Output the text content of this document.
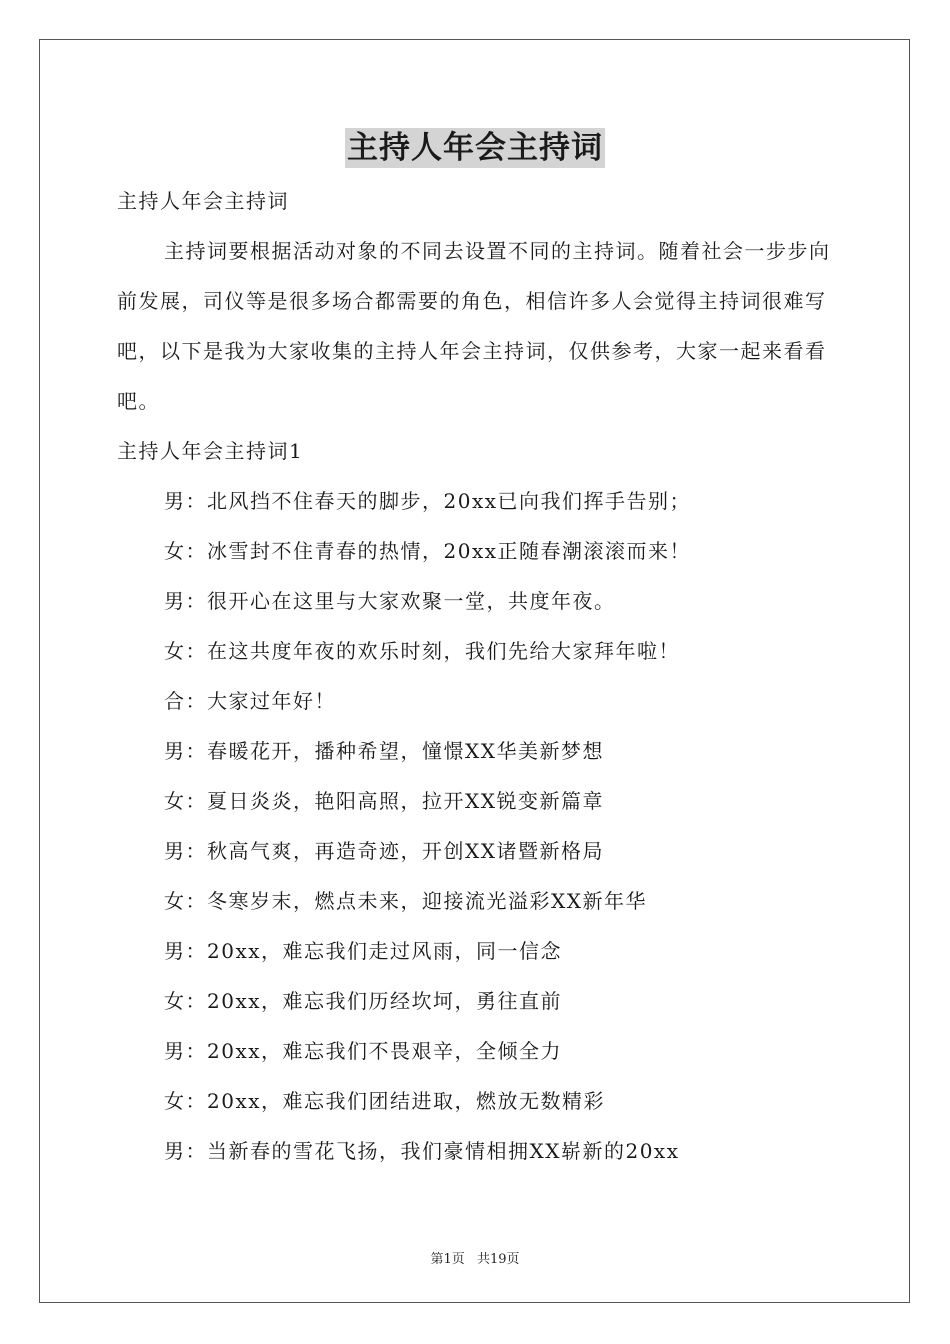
主持人年会主持词

主持人年会主持词

主持词要根据活动对象的不同去设置不同的主持词。随着社会一步步向前发展，司仪等是很多场合都需要的角色，相信许多人会觉得主持词很难写吧，以下是我为大家收集的主持人年会主持词，仅供参考，大家一起来看看吧。

主持人年会主持词1

男：北风挡不住春天的脚步，20xx已向我们挥手告别；

女：冰雪封不住青春的热情，20xx正随春潮滚滚而来！

男：很开心在这里与大家欢聚一堂，共度年夜。

女：在这共度年夜的欢乐时刻，我们先给大家拜年啦！

合：大家过年好！

男：春暖花开，播种希望，憧憬XX华美新梦想

女：夏日炎炎，艳阳高照，拉开XX锐变新篇章

男：秋高气爽，再造奇迹，开创XX诸暨新格局

女：冬寒岁末，燃点未来，迎接流光溢彩XX新年华

男：20xx，难忘我们走过风雨，同一信念

女：20xx，难忘我们历经坎坷，勇往直前

男：20xx，难忘我们不畏艰辛，全倾全力

女：20xx，难忘我们团结进取，燃放无数精彩

男：当新春的雪花飞扬，我们豪情相拥XX崭新的20xx

第1页 共19页
